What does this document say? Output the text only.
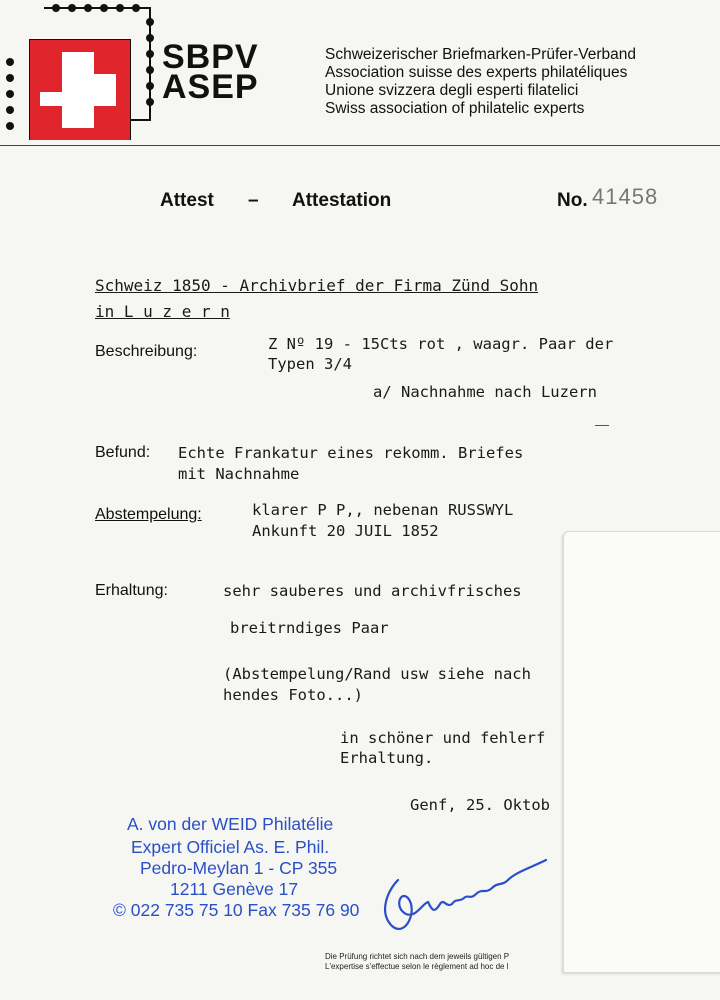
SBPV
ASEP
Schweizerischer Briefmarken-Prüfer-Verband
Association suisse des experts philatéliques
Unione svizzera degli esperti filatelici
Swiss association of philatelic experts
Attest – Attestation	No. 41458
Schweiz 1850 - Archivbrief der Firma Zünd Sohn
in L u z e r n
Beschreibung:	Z Nº 19 - 15Cts rot , waagr. Paar der
Typen 3/4
a/ Nachnahme nach Luzern
Befund: Echte Frankatur eines rekomm. Briefes
mit Nachnahme
Abstempelung:	klarer P P,, nebenan RUSSWYL
Ankunft 20 JUIL 1852
Erhaltung:	sehr sauberes und archivfrisches
breitrndiges Paar
(Abstempelung/Rand usw siehe nach
hendes Foto...)
in schöner und fehlerf
Erhaltung.
Genf, 25. Oktob
A. von der WEID Philatélie
Expert Officiel As. E. Phil.
Pedro-Meylan 1 - CP 355
1211 Genève 17
© 022 735 75 10 Fax 735 76 90
Die Prüfung richtet sich nach dem jeweils gültigen P
L'expertise s'effectue selon le règlement ad hoc de l
